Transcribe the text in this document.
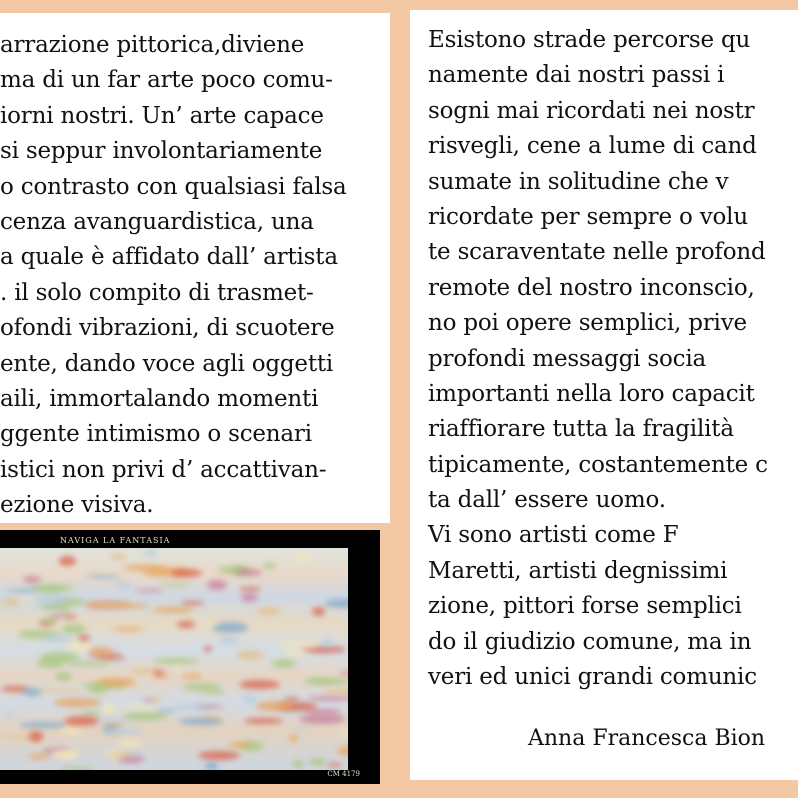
arrazione pittorica,diviene
ma di un far arte poco comu-
iorni nostri. Un’ arte capace
si seppur involontariamente
o contrasto con qualsiasi falsa
cenza avanguardistica, una
a quale è affidato dall’ artista
. il solo compito di trasmet-
ofondi vibrazioni, di scuotere
ente, dando voce agli oggetti
aili, immortalando momenti
ggente intimismo o scenari
istici non privi d’ accattivan-
ezione visiva.
NAVIGA LA FANTASIA
CM 4179
Esistono strade percorse qu
namente dai nostri passi i
sogni mai ricordati nei nostr
risvegli, cene a lume di cand
sumate in solitudine che v
ricordate per sempre o volu
te scaraventate nelle profond
remote del nostro inconscio,
no poi opere semplici, prive
profondi messaggi socia
importanti nella loro capacit
riaffiorare tutta la fragilità
tipicamente, costantemente c
ta dall’ essere uomo.
Vi sono artisti come F
Maretti, artisti degnissimi
zione, pittori forse semplici
do il giudizio comune, ma in
veri ed unici grandi comunic
Anna Francesca Bion
